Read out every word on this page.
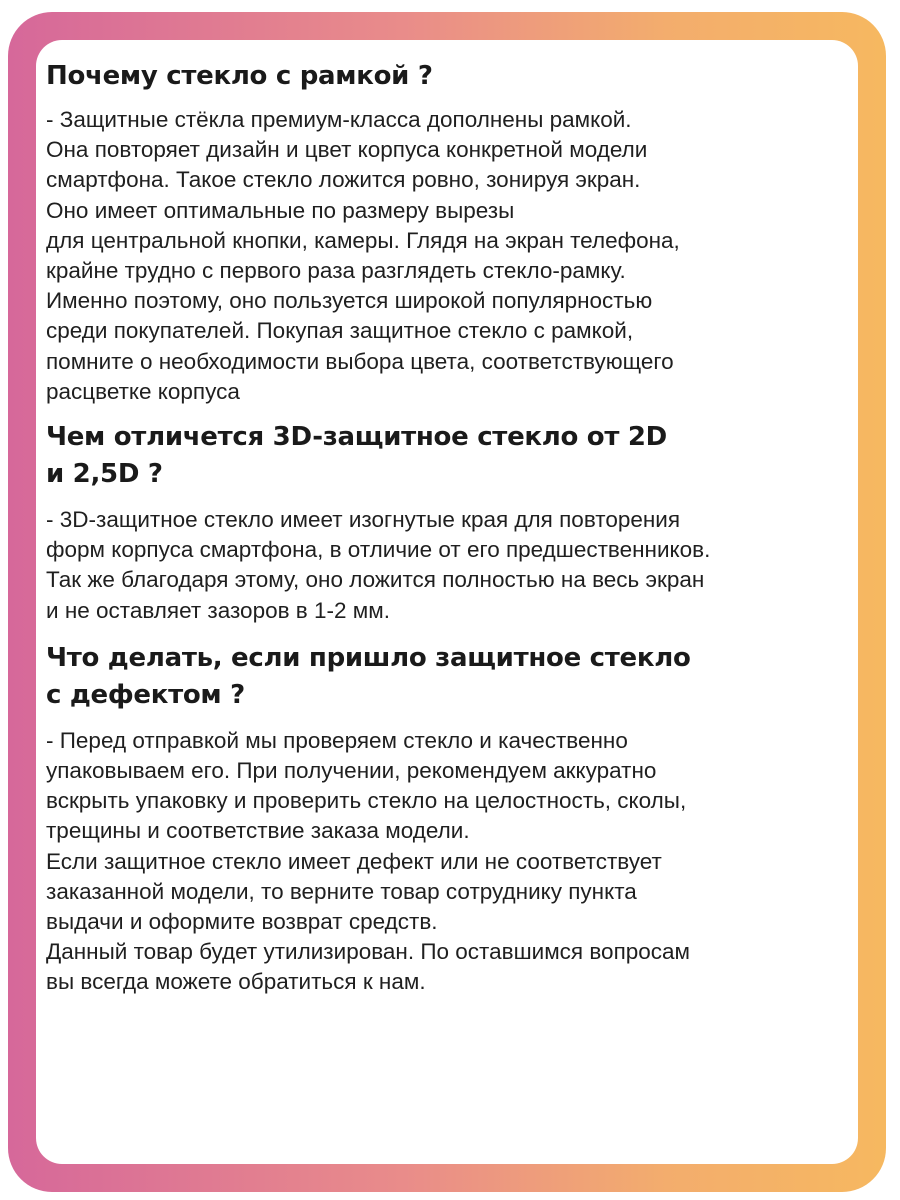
Почему стекло с рамкой ?

- Защитные стёкла премиум-класса дополнены рамкой.
Она повторяет дизайн и цвет корпуса конкретной модели
смартфона. Такое стекло ложится ровно, зонируя экран.
Оно имеет оптимальные по размеру вырезы
для центральной кнопки, камеры. Глядя на экран телефона,
крайне трудно с первого раза разглядеть стекло-рамку.
Именно поэтому, оно пользуется широкой популярностью
среди покупателей. Покупая защитное стекло с рамкой,
помните о необходимости выбора цвета, соответствующего
расцветке корпуса

Чем отличется 3D-защитное стекло от 2D
и 2,5D ?

- 3D-защитное стекло имеет изогнутые края для повторения
форм корпуса смартфона, в отличие от его предшественников.
Так же благодаря этому, оно ложится полностью на весь экран
и не оставляет зазоров в 1-2 мм.

Что делать, если пришло защитное стекло
с дефектом ?

- Перед отправкой мы проверяем стекло и качественно
упаковываем его. При получении, рекомендуем аккуратно
вскрыть упаковку и проверить стекло на целостность, сколы,
трещины и соответствие заказа модели.
Если защитное стекло имеет дефект или не соответствует
заказанной модели, то верните товар сотруднику пункта
выдачи и оформите возврат средств.
Данный товар будет утилизирован. По оставшимся вопросам
вы всегда можете обратиться к нам.
